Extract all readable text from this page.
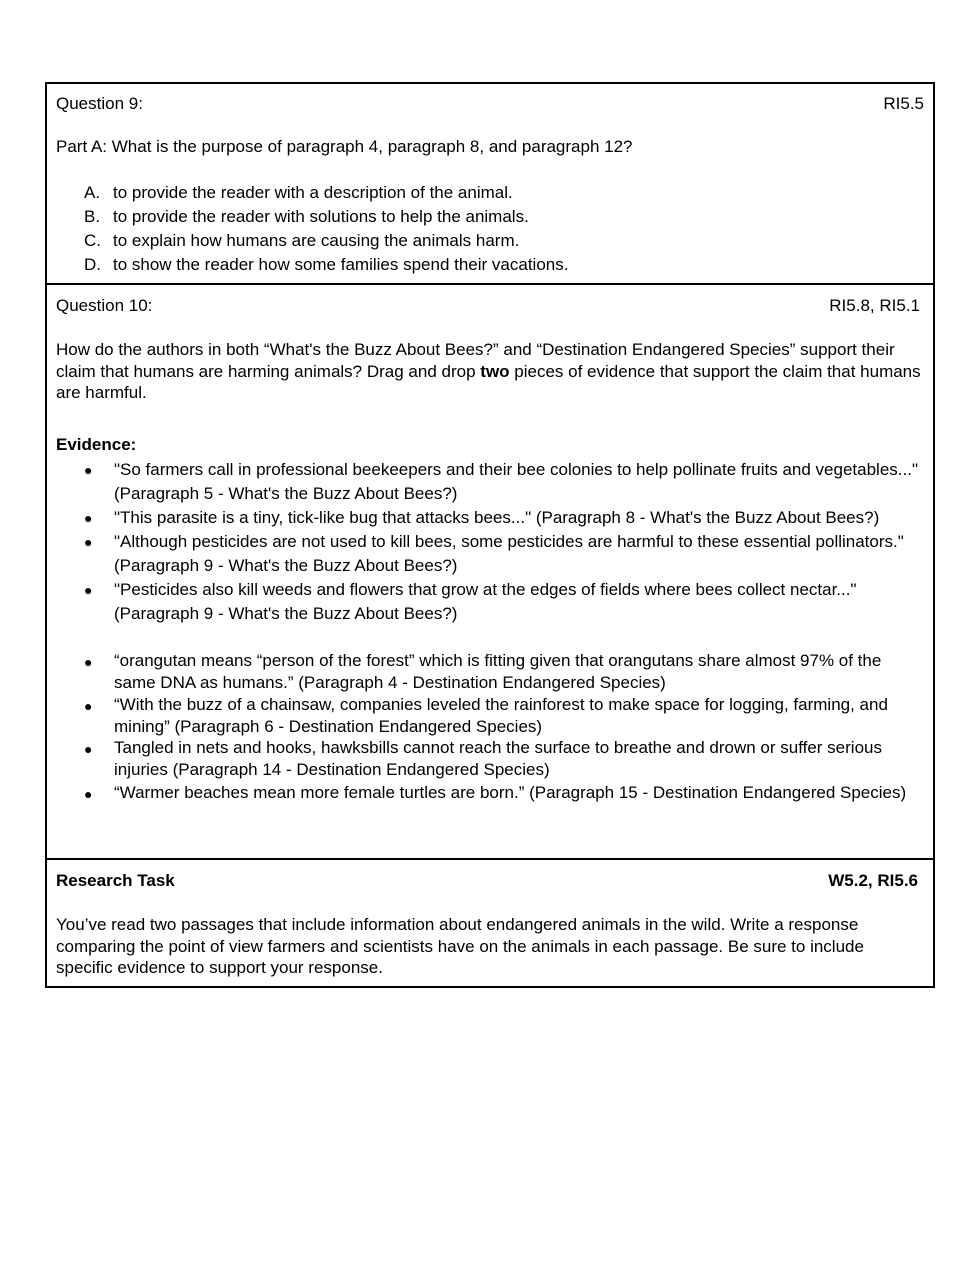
Question 9:	RI5.5
Part A: What is the purpose of paragraph 4, paragraph 8, and paragraph 12?
A. to provide the reader with a description of the animal.
B. to provide the reader with solutions to help the animals.
C. to explain how humans are causing the animals harm.
D. to show the reader how some families spend their vacations.
Question 10:	RI5.8, RI5.1
How do the authors in both “What's the Buzz About Bees?” and “Destination Endangered Species” support their claim that humans are harming animals? Drag and drop two pieces of evidence that support the claim that humans are harmful.
Evidence:
● "So farmers call in professional beekeepers and their bee colonies to help pollinate fruits and vegetables..." (Paragraph 5 - What's the Buzz About Bees?)
● "This parasite is a tiny, tick-like bug that attacks bees..." (Paragraph 8 - What's the Buzz About Bees?)
● "Although pesticides are not used to kill bees, some pesticides are harmful to these essential pollinators." (Paragraph 9 - What's the Buzz About Bees?)
● "Pesticides also kill weeds and flowers that grow at the edges of fields where bees collect nectar..." (Paragraph 9 - What's the Buzz About Bees?)
● “orangutan means “person of the forest” which is fitting given that orangutans share almost 97% of the same DNA as humans.” (Paragraph 4 - Destination Endangered Species)
● “With the buzz of a chainsaw, companies leveled the rainforest to make space for logging, farming, and mining” (Paragraph 6 - Destination Endangered Species)
● Tangled in nets and hooks, hawksbills cannot reach the surface to breathe and drown or suffer serious injuries (Paragraph 14 - Destination Endangered Species)
● “Warmer beaches mean more female turtles are born.” (Paragraph 15 - Destination Endangered Species)
Research Task	W5.2, RI5.6
You’ve read two passages that include information about endangered animals in the wild. Write a response comparing the point of view farmers and scientists have on the animals in each passage. Be sure to include specific evidence to support your response.
